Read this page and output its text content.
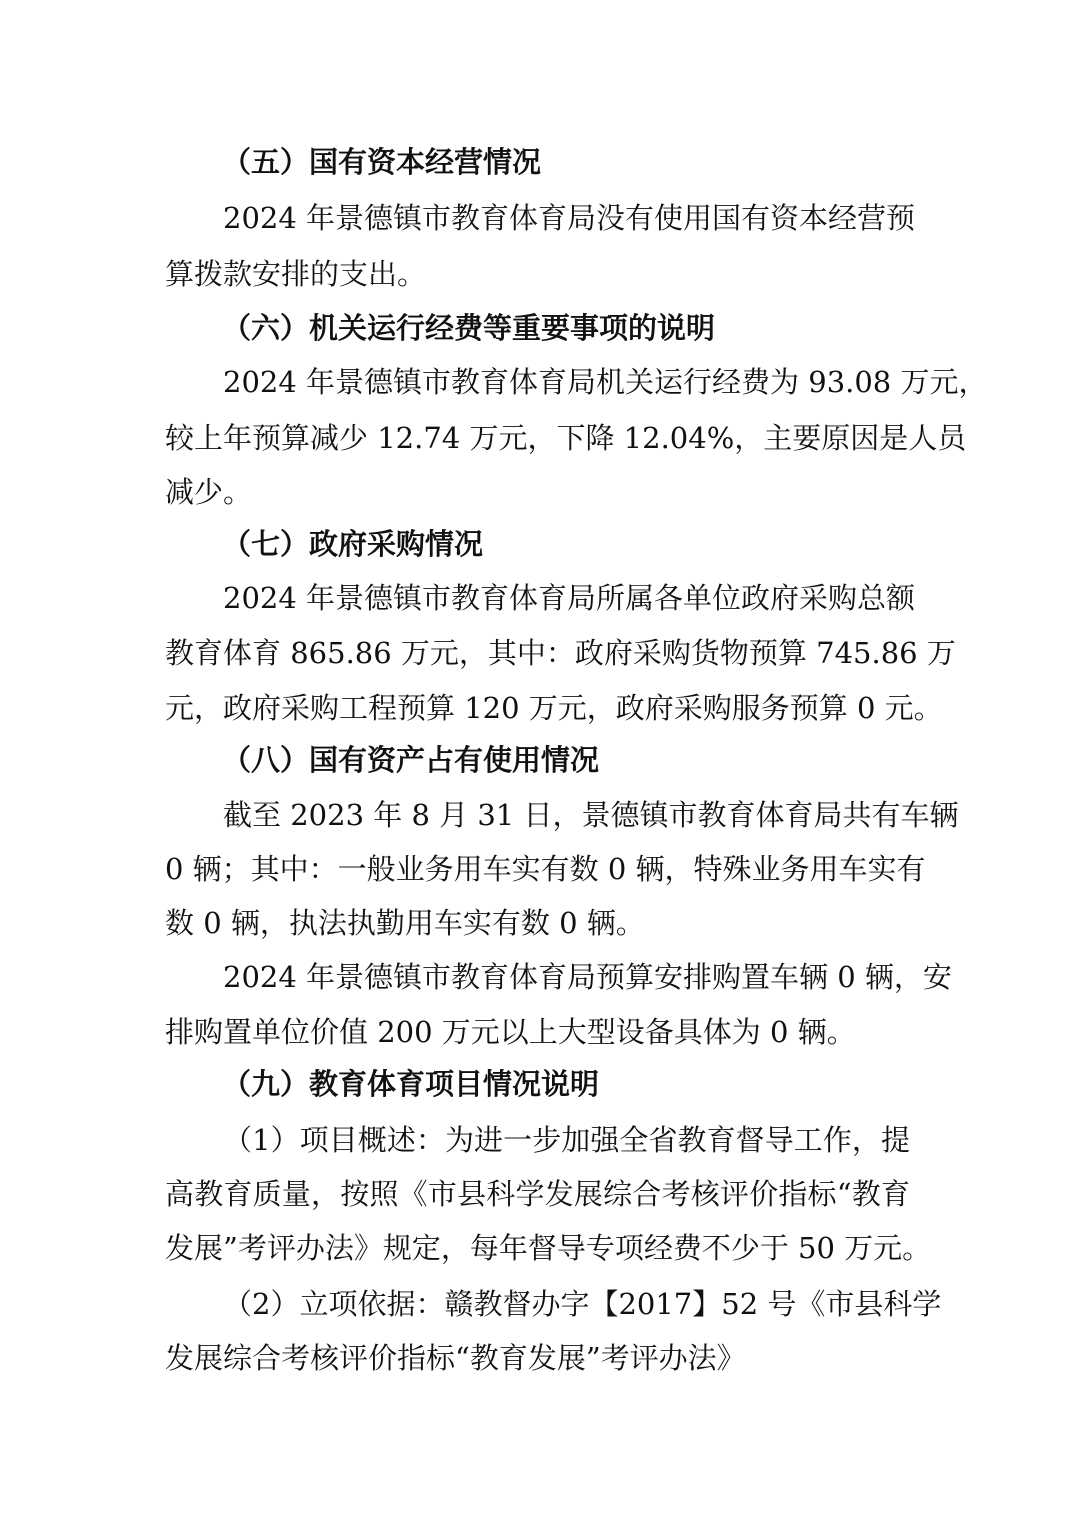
（五）国有资本经营情况
2024 年景德镇市教育体育局没有使用国有资本经营预
算拨款安排的支出。
（六）机关运行经费等重要事项的说明
2024 年景德镇市教育体育局机关运行经费为 93.08 万元，
较上年预算减少 12.74 万元，下降 12.04%，主要原因是人员
减少。
（七）政府采购情况
2024 年景德镇市教育体育局所属各单位政府采购总额
教育体育 865.86 万元，其中：政府采购货物预算 745.86 万
元，政府采购工程预算 120 万元，政府采购服务预算 0 元。
（八）国有资产占有使用情况
截至 2023 年 8 月 31 日，景德镇市教育体育局共有车辆
0 辆；其中：一般业务用车实有数 0 辆，特殊业务用车实有
数 0 辆，执法执勤用车实有数 0 辆。
2024 年景德镇市教育体育局预算安排购置车辆 0 辆，安
排购置单位价值 200 万元以上大型设备具体为 0 辆。
（九）教育体育项目情况说明
（1）项目概述：为进一步加强全省教育督导工作，提
高教育质量，按照《市县科学发展综合考核评价指标“教育
发展”考评办法》规定，每年督导专项经费不少于 50 万元。
（2）立项依据：赣教督办字【2017】52 号《市县科学
发展综合考核评价指标“教育发展”考评办法》
